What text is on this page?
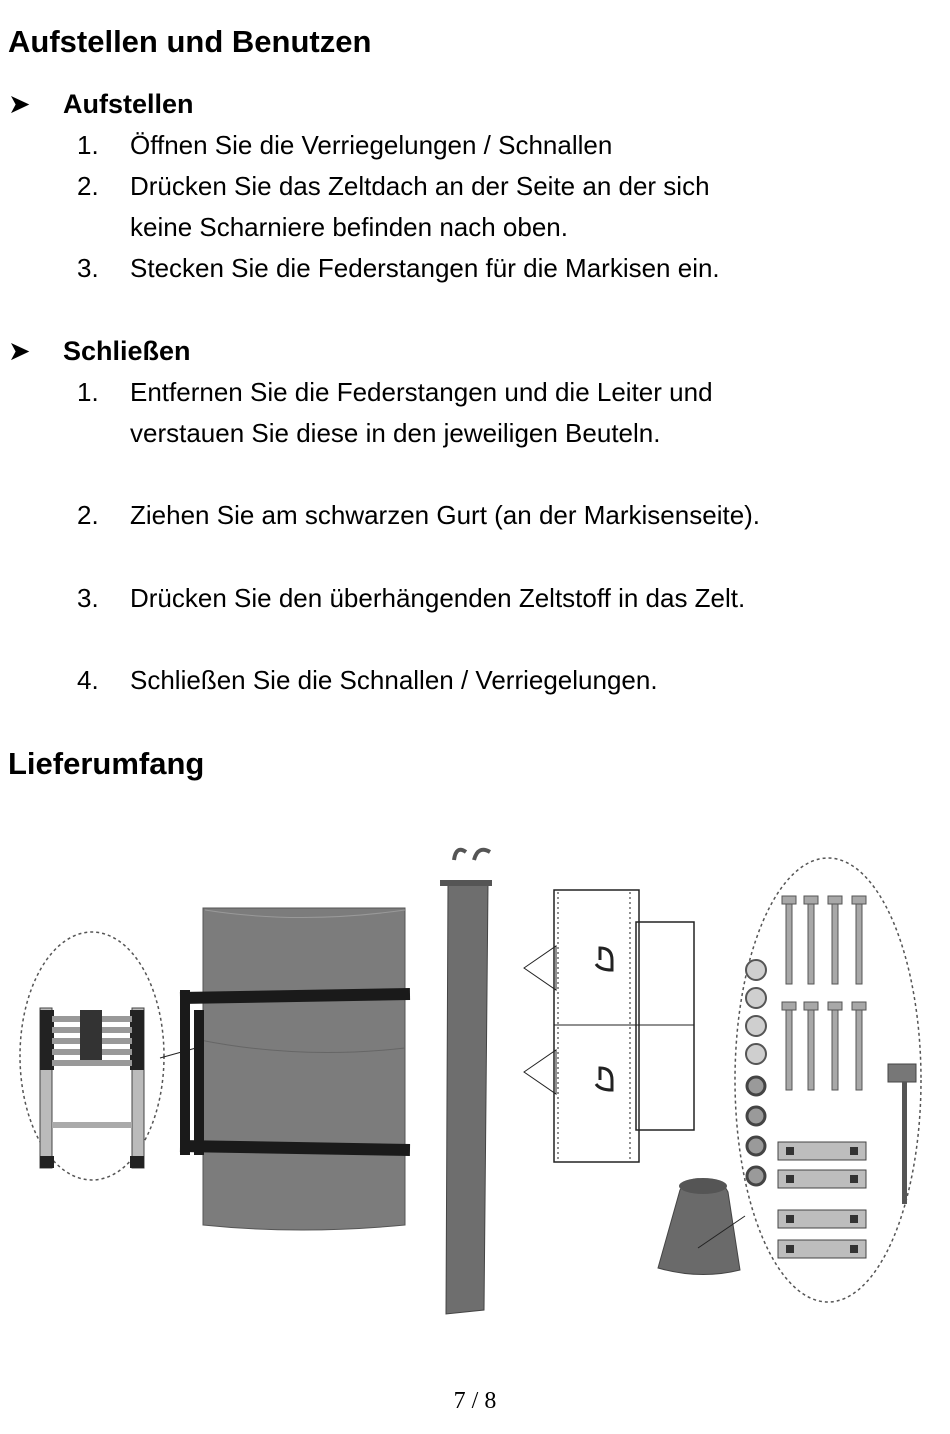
Aufstellen und Benutzen
➤ Aufstellen
1.	Öffnen Sie die Verriegelungen / Schnallen
2.	Drücken Sie das Zeltdach an der Seite an der sich
keine Scharniere befinden nach oben.
3.	Stecken Sie die Federstangen für die Markisen ein.
➤ Schließen
1.	Entfernen Sie die Federstangen und die Leiter und
verstauen Sie diese in den jeweiligen Beuteln.
2.	Ziehen Sie am schwarzen Gurt (an der Markisenseite).
3.	Drücken Sie den überhängenden Zeltstoff in das Zelt.
4.	Schließen Sie die Schnallen / Verriegelungen.
Lieferumfang
7 / 8
